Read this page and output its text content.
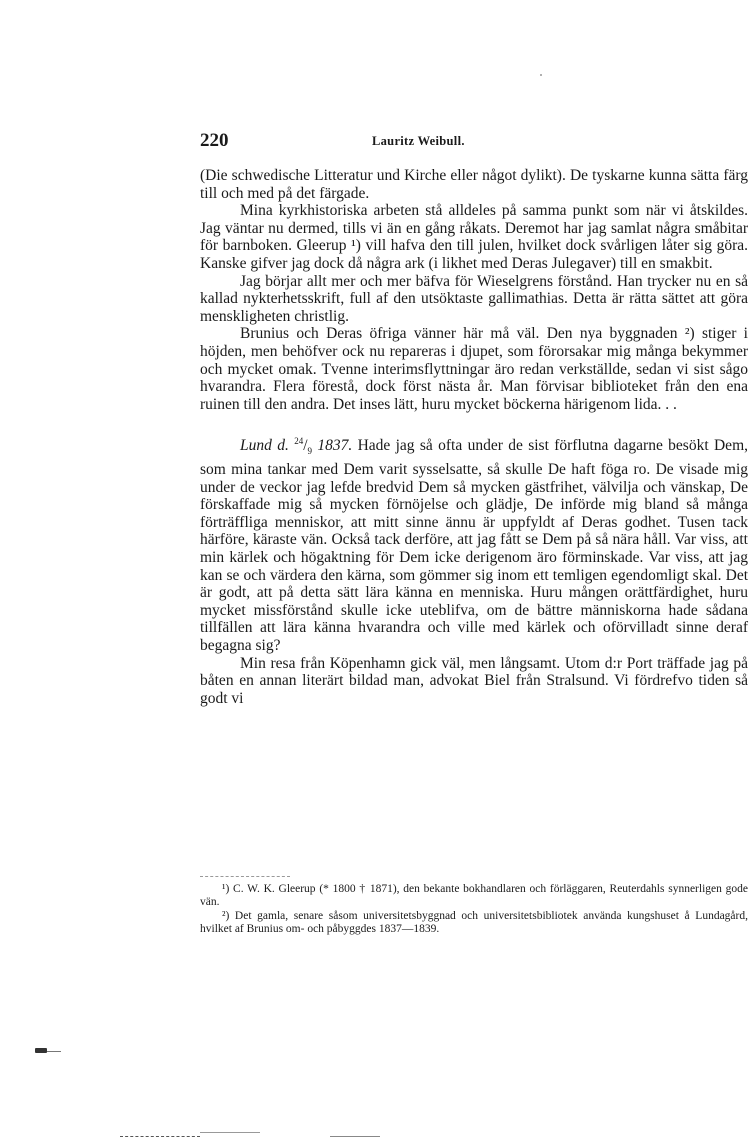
220	Lauritz Weibull.

(Die schwedische Litteratur und Kirche eller något dylikt). De tyskarne kunna sätta färg till och med på det färgade.

Mina kyrkhistoriska arbeten stå alldeles på samma punkt som när vi åtskildes. Jag väntar nu dermed, tills vi än en gång råkats. Deremot har jag samlat några småbitar för barnboken. Gleerup ¹) vill hafva den till julen, hvilket dock svårligen låter sig göra. Kanske gifver jag dock då några ark (i likhet med Deras Julegaver) till en smakbit.

Jag börjar allt mer och mer bäfva för Wieselgrens förstånd. Han trycker nu en så kallad nykterhetsskrift, full af den utsöktaste gallimathias. Detta är rätta sättet att göra menskligheten christlig.

Brunius och Deras öfriga vänner här må väl. Den nya byggnaden ²) stiger i höjden, men behöfver ock nu repareras i djupet, som förorsakar mig många bekymmer och mycket omak. Tvenne interimsflyttningar äro redan verkställde, sedan vi sist sågo hvarandra. Flera förestå, dock först nästa år. Man förvisar biblioteket från den ena ruinen till den andra. Det inses lätt, huru mycket böckerna härigenom lida. . .

Lund d. $^{24}/_9$ 1837. Hade jag så ofta under de sist förflutna dagarne besökt Dem, som mina tankar med Dem varit sysselsatte, så skulle De haft föga ro. De visade mig under de veckor jag lefde bredvid Dem så mycken gästfrihet, välvilja och vänskap, De förskaffade mig så mycken förnöjelse och glädje, De införde mig bland så många förträffliga menniskor, att mitt sinne ännu är uppfyldt af Deras godhet. Tusen tack härföre, käraste vän. Också tack derföre, att jag fått se Dem på så nära håll. Var viss, att min kärlek och högaktning för Dem icke derigenom äro förminskade. Var viss, att jag kan se och värdera den kärna, som gömmer sig inom ett temligen egendomligt skal. Det är godt, att på detta sätt lära känna en menniska. Huru mången orättfärdighet, huru mycket missförstånd skulle icke uteblifva, om de bättre människorna hade sådana tillfällen att lära känna hvarandra och ville med kärlek och oförvilladt sinne deraf begagna sig?

Min resa från Köpenhamn gick väl, men långsamt. Utom d:r Port träffade jag på båten en annan literärt bildad man, advokat Biel från Stralsund. Vi fördrefvo tiden så godt vi

¹) C. W. K. Gleerup (* 1800 † 1871), den bekante bokhandlaren och förläggaren, Reuterdahls synnerligen gode vän.

²) Det gamla, senare såsom universitetsbyggnad och universitetsbibliotek använda kungshuset å Lundagård, hvilket af Brunius om- och påbyggdes 1837—1839.
